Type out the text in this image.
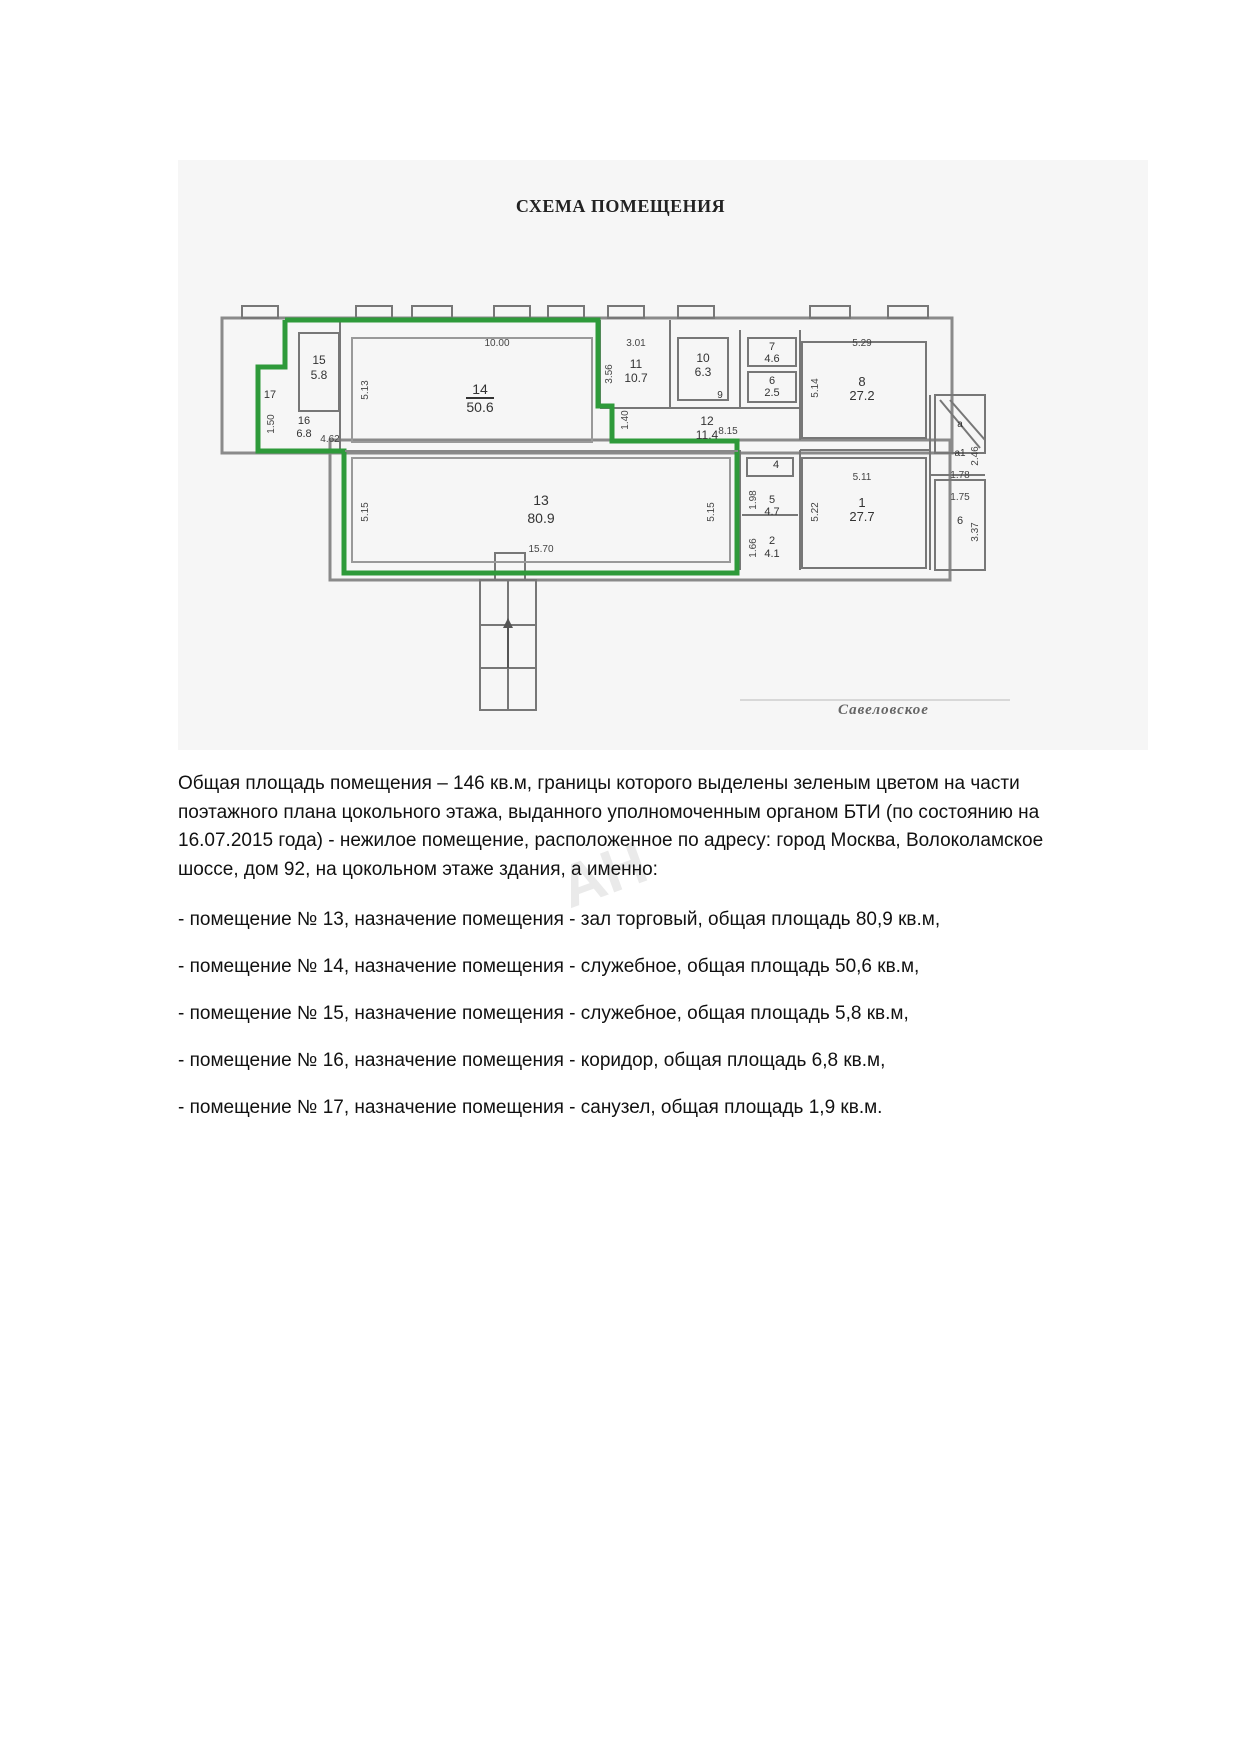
СХЕМА ПОМЕЩЕНИЯ
14
50.6
13
80.9
15
5.8
16
6.8
17
11
10.7
10
6.3
7
4.6
6
2.5
12
11.4
8
27.2
5
4.7
2
4.1
1
27.7
4
9
6
а
а1
10.00
5.13
3.01
3.56
1.40
8.15
5.29
5.14
15.70
5.15	5.15
5.11
5.22
1.98
1.66
1.78
1.75
2.46
3.37
1.50
4.62
Савеловское
АН

Общая площадь помещения – 146 кв.м, границы которого выделены зеленым цветом на части поэтажного плана цокольного этажа, выданного уполномоченным органом БТИ (по состоянию на 16.07.2015 года) - нежилое помещение, расположенное по адресу: город Москва, Волоколамское шоссе, дом 92, на цокольном этаже здания, а именно:

- помещение № 13, назначение помещения - зал торговый, общая площадь 80,9 кв.м,
- помещение № 14, назначение помещения - служебное, общая площадь 50,6 кв.м,
- помещение № 15, назначение помещения - служебное, общая площадь 5,8 кв.м,
- помещение № 16, назначение помещения - коридор, общая площадь 6,8 кв.м,
- помещение № 17, назначение помещения - санузел, общая площадь 1,9 кв.м.
